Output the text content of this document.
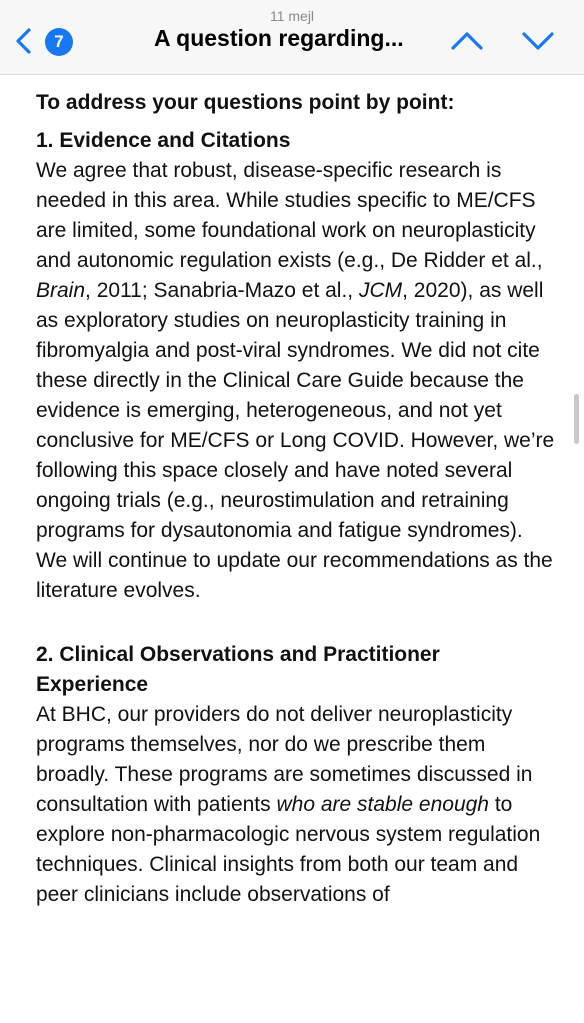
11 mejl
7	A question regarding...

To address your questions point by point:

1. Evidence and Citations

We agree that robust, disease-specific research is needed in this area. While studies specific to ME/CFS are limited, some foundational work on neuroplasticity and autonomic regulation exists (e.g., De Ridder et al., Brain, 2011; Sanabria-Mazo et al., JCM, 2020), as well as exploratory studies on neuroplasticity training in fibromyalgia and post-viral syndromes. We did not cite these directly in the Clinical Care Guide because the evidence is emerging, heterogeneous, and not yet conclusive for ME/CFS or Long COVID. However, we’re following this space closely and have noted several ongoing trials (e.g., neurostimulation and retraining programs for dysautonomia and fatigue syndromes). We will continue to update our recommendations as the literature evolves.

2. Clinical Observations and Practitioner Experience

At BHC, our providers do not deliver neuroplasticity programs themselves, nor do we prescribe them broadly. These programs are sometimes discussed in consultation with patients who are stable enough to explore non-pharmacologic nervous system regulation techniques. Clinical insights from both our team and peer clinicians include observations of
